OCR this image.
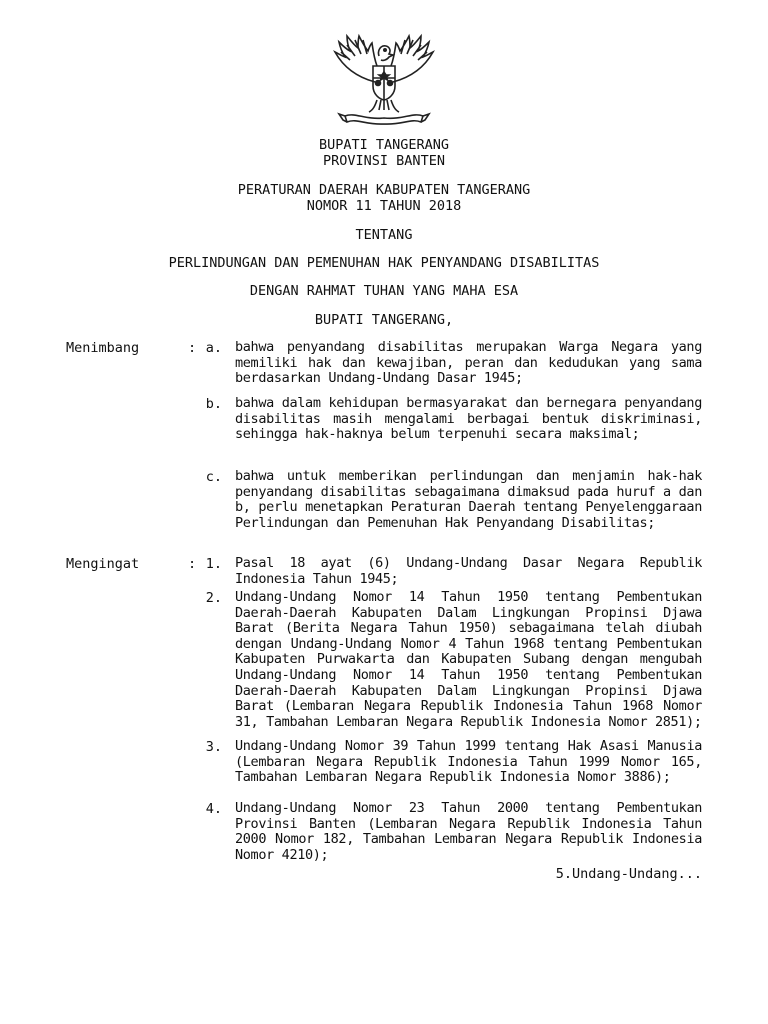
BUPATI TANGERANG
PROVINSI BANTEN
PERATURAN DAERAH KABUPATEN TANGERANG
NOMOR 11 TAHUN 2018
TENTANG
PERLINDUNGAN DAN PEMENUHAN HAK PENYANDANG DISABILITAS
DENGAN RAHMAT TUHAN YANG MAHA ESA
BUPATI TANGERANG,
Menimbang	: a. bahwa penyandang disabilitas merupakan Warga Negara yang memiliki hak dan kewajiban, peran dan kedudukan yang sama berdasarkan Undang-Undang Dasar 1945;
b. bahwa dalam kehidupan bermasyarakat dan bernegara penyandang disabilitas masih mengalami berbagai bentuk diskriminasi, sehingga hak-haknya belum terpenuhi secara maksimal;
c. bahwa untuk memberikan perlindungan dan menjamin hak-hak penyandang disabilitas sebagaimana dimaksud pada huruf a dan b, perlu menetapkan Peraturan Daerah tentang Penyelenggaraan Perlindungan dan Pemenuhan Hak Penyandang Disabilitas;
Mengingat	: 1. Pasal 18 ayat (6) Undang-Undang Dasar Negara Republik Indonesia Tahun 1945;
2. Undang-Undang Nomor 14 Tahun 1950 tentang Pembentukan Daerah-Daerah Kabupaten Dalam Lingkungan Propinsi Djawa Barat (Berita Negara Tahun 1950) sebagaimana telah diubah dengan Undang-Undang Nomor 4 Tahun 1968 tentang Pembentukan Kabupaten Purwakarta dan Kabupaten Subang dengan mengubah Undang-Undang Nomor 14 Tahun 1950 tentang Pembentukan Daerah-Daerah Kabupaten Dalam Lingkungan Propinsi Djawa Barat (Lembaran Negara Republik Indonesia Tahun 1968 Nomor 31, Tambahan Lembaran Negara Republik Indonesia Nomor 2851);
3. Undang-Undang Nomor 39 Tahun 1999 tentang Hak Asasi Manusia (Lembaran Negara Republik Indonesia Tahun 1999 Nomor 165, Tambahan Lembaran Negara Republik Indonesia Nomor 3886);
4. Undang-Undang Nomor 23 Tahun 2000 tentang Pembentukan Provinsi Banten (Lembaran Negara Republik Indonesia Tahun 2000 Nomor 182, Tambahan Lembaran Negara Republik Indonesia Nomor 4210);
5.Undang-Undang...
